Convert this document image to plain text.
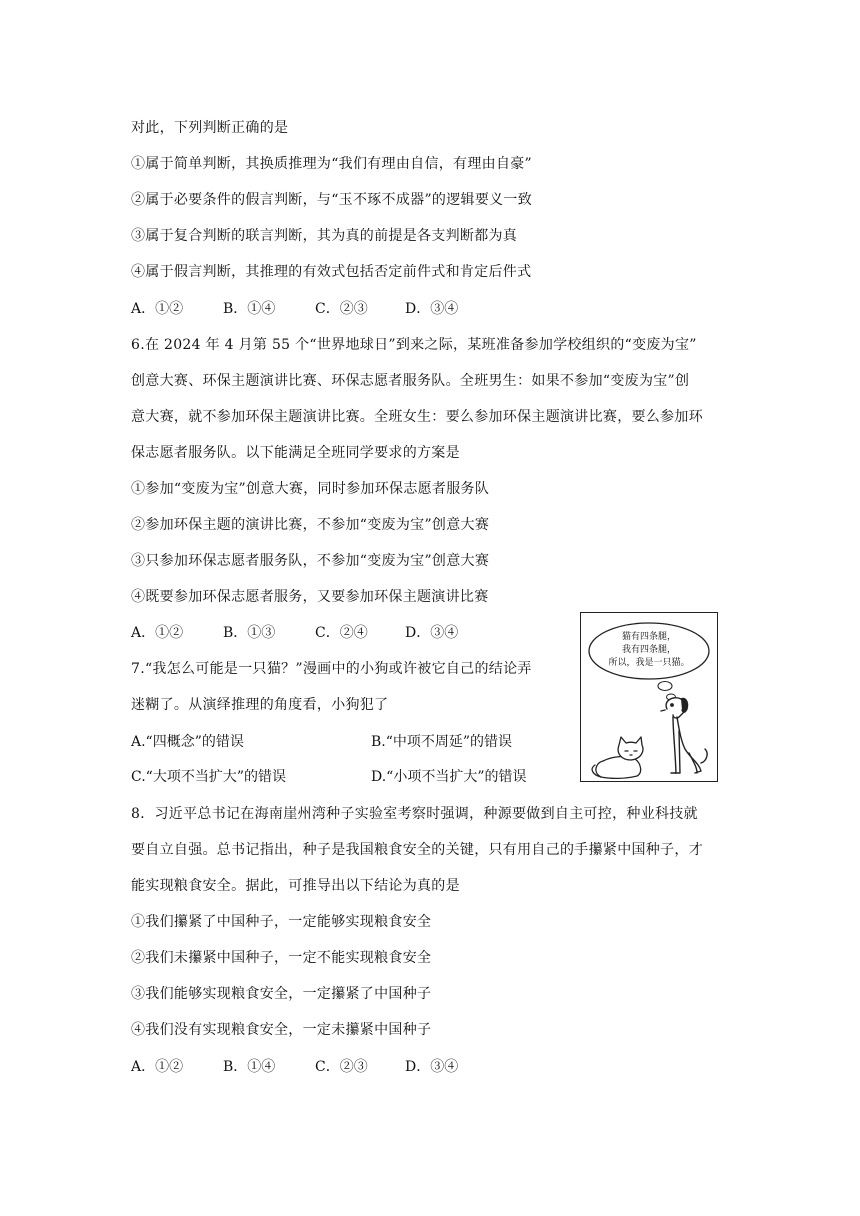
对此，下列判断正确的是
①属于简单判断，其换质推理为“我们有理由自信，有理由自豪”
②属于必要条件的假言判断，与“玉不琢不成器”的逻辑要义一致
③属于复合判断的联言判断，其为真的前提是各支判断都为真
④属于假言判断，其推理的有效式包括否定前件式和肯定后件式
A．①②	B．①④	C．②③	D．③④
6.在 2024 年 4 月第 55 个“世界地球日”到来之际，某班准备参加学校组织的“变废为宝”
创意大赛、环保主题演讲比赛、环保志愿者服务队。全班男生：如果不参加“变废为宝”创
意大赛，就不参加环保主题演讲比赛。全班女生：要么参加环保主题演讲比赛，要么参加环
保志愿者服务队。以下能满足全班同学要求的方案是
①参加“变废为宝”创意大赛，同时参加环保志愿者服务队
②参加环保主题的演讲比赛，不参加“变废为宝”创意大赛
③只参加环保志愿者服务队，不参加“变废为宝”创意大赛
④既要参加环保志愿者服务，又要参加环保主题演讲比赛
A．①②	B．①③	C．②④	D．③④
7.“我怎么可能是一只猫？”漫画中的小狗或许被它自己的结论弄
迷糊了。从演绎推理的角度看，小狗犯了
A.“四概念”的错误	B.“中项不周延”的错误
C.“大项不当扩大”的错误	D.“小项不当扩大”的错误
猫有四条腿，
我有四条腿，
所以，我是一只猫。
8．习近平总书记在海南崖州湾种子实验室考察时强调，种源要做到自主可控，种业科技就
要自立自强。总书记指出，种子是我国粮食安全的关键，只有用自己的手攥紧中国种子，才
能实现粮食安全。据此，可推导出以下结论为真的是
①我们攥紧了中国种子，一定能够实现粮食安全
②我们未攥紧中国种子，一定不能实现粮食安全
③我们能够实现粮食安全，一定攥紧了中国种子
④我们没有实现粮食安全，一定未攥紧中国种子
A．①②	B．①④	C．②③	D．③④
